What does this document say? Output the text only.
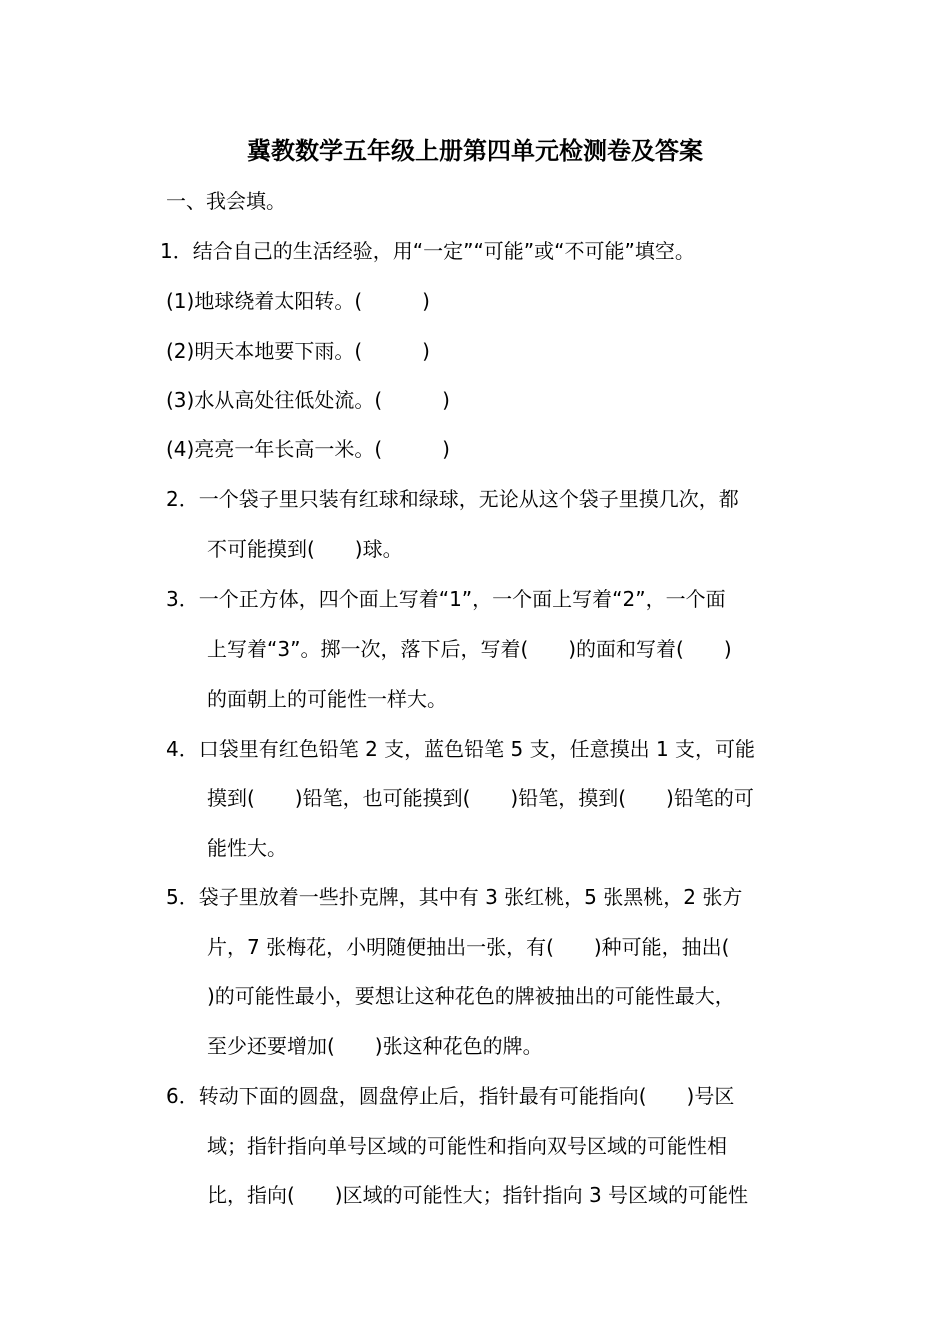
冀教数学五年级上册第四单元检测卷及答案

一、我会填。

1．结合自己的生活经验，用“一定”“可能”或“不可能”填空。

(1)地球绕着太阳转。(　　　)

(2)明天本地要下雨。(　　　)

(3)水从高处往低处流。(　　　)

(4)亮亮一年长高一米。(　　　)

2．一个袋子里只装有红球和绿球，无论从这个袋子里摸几次，都

不可能摸到(　　)球。

3．一个正方体，四个面上写着“1”，一个面上写着“2”，一个面

上写着“3”。掷一次，落下后，写着(　　)的面和写着(　　)

的面朝上的可能性一样大。

4．口袋里有红色铅笔 2 支，蓝色铅笔 5 支，任意摸出 1 支，可能

摸到(　　)铅笔，也可能摸到(　　)铅笔，摸到(　　)铅笔的可

能性大。

5．袋子里放着一些扑克牌，其中有 3 张红桃，5 张黑桃，2 张方

片，7 张梅花，小明随便抽出一张，有(　　)种可能，抽出(

)的可能性最小，要想让这种花色的牌被抽出的可能性最大，

至少还要增加(　　)张这种花色的牌。

6．转动下面的圆盘，圆盘停止后，指针最有可能指向(　　)号区

域；指针指向单号区域的可能性和指向双号区域的可能性相

比，指向(　　)区域的可能性大；指针指向 3 号区域的可能性
